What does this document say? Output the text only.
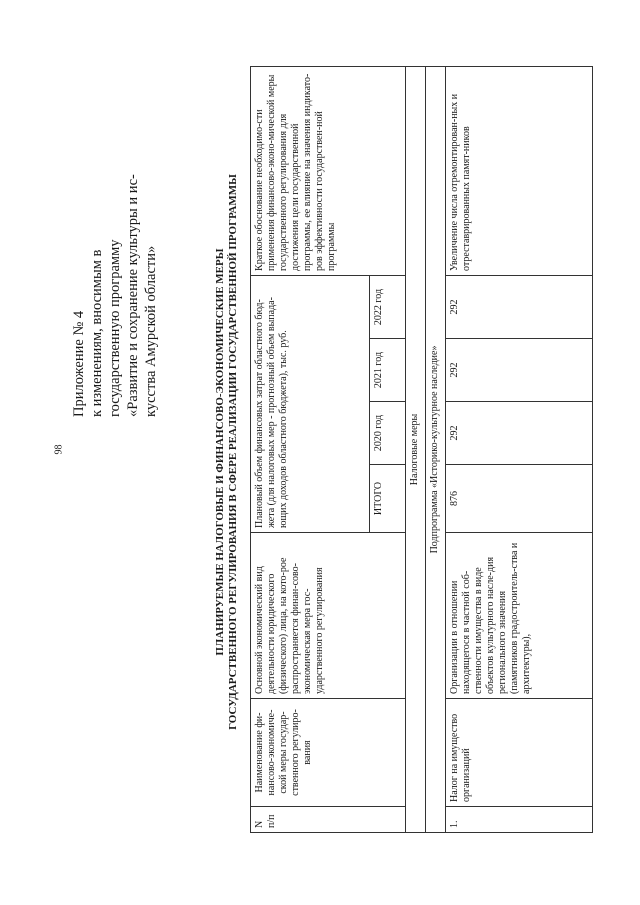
98
Приложение № 4 к изменениям, вносимым в государственную программу «Развитие и сохранение культуры и ис- кусства Амурской области»	ПЛАНИРУЕМЫЕ НАЛОГОВЫЕ И ФИНАНСОВО-ЭКОНОМИЧЕСКИЕ МЕРЫ ГОСУДАРСТВЕННОГО РЕГУЛИРОВАНИЯ В СФЕРЕ РЕАЛИЗАЦИИ ГОСУДАРСТВЕННОЙ ПРОГРАММЫ
N п/п	Наименование фи-нансово-экономиче-ской меры государ-ственного регулиро-вания	Основной экономический вид деятельности юридического (физического) лица, на кото-рое распространяется финан-сово-экономическая мера гос-ударственного регулирования	Плановый объем финансовых затрат областного бюд-жета (для налоговых мер - прогнозный объем выпада-ющих доходов областного бюджета), тыс. руб.				Краткое обоснование необходимо-сти применения финансово-эконо-мической меры государственного регулирования для достижения цели государственной программы, ее влияние на значения индикато-ров эффективности государствен-ной программы
			ИТОГО	2020 год	2021 год	2022 год	
Налоговые меры							
Подпрограмма «Историко-культурное наследие»							
1.	Налог на имущество организаций	Организации в отношении находящегося в частной соб-ственности имущества в виде объектов культурного насле-дия регионального значения (памятников градостроитель-ства и архитектуры),	876	292	292	292	Увеличение числа отремонтирован-ных и отреставрированных памят-ников
